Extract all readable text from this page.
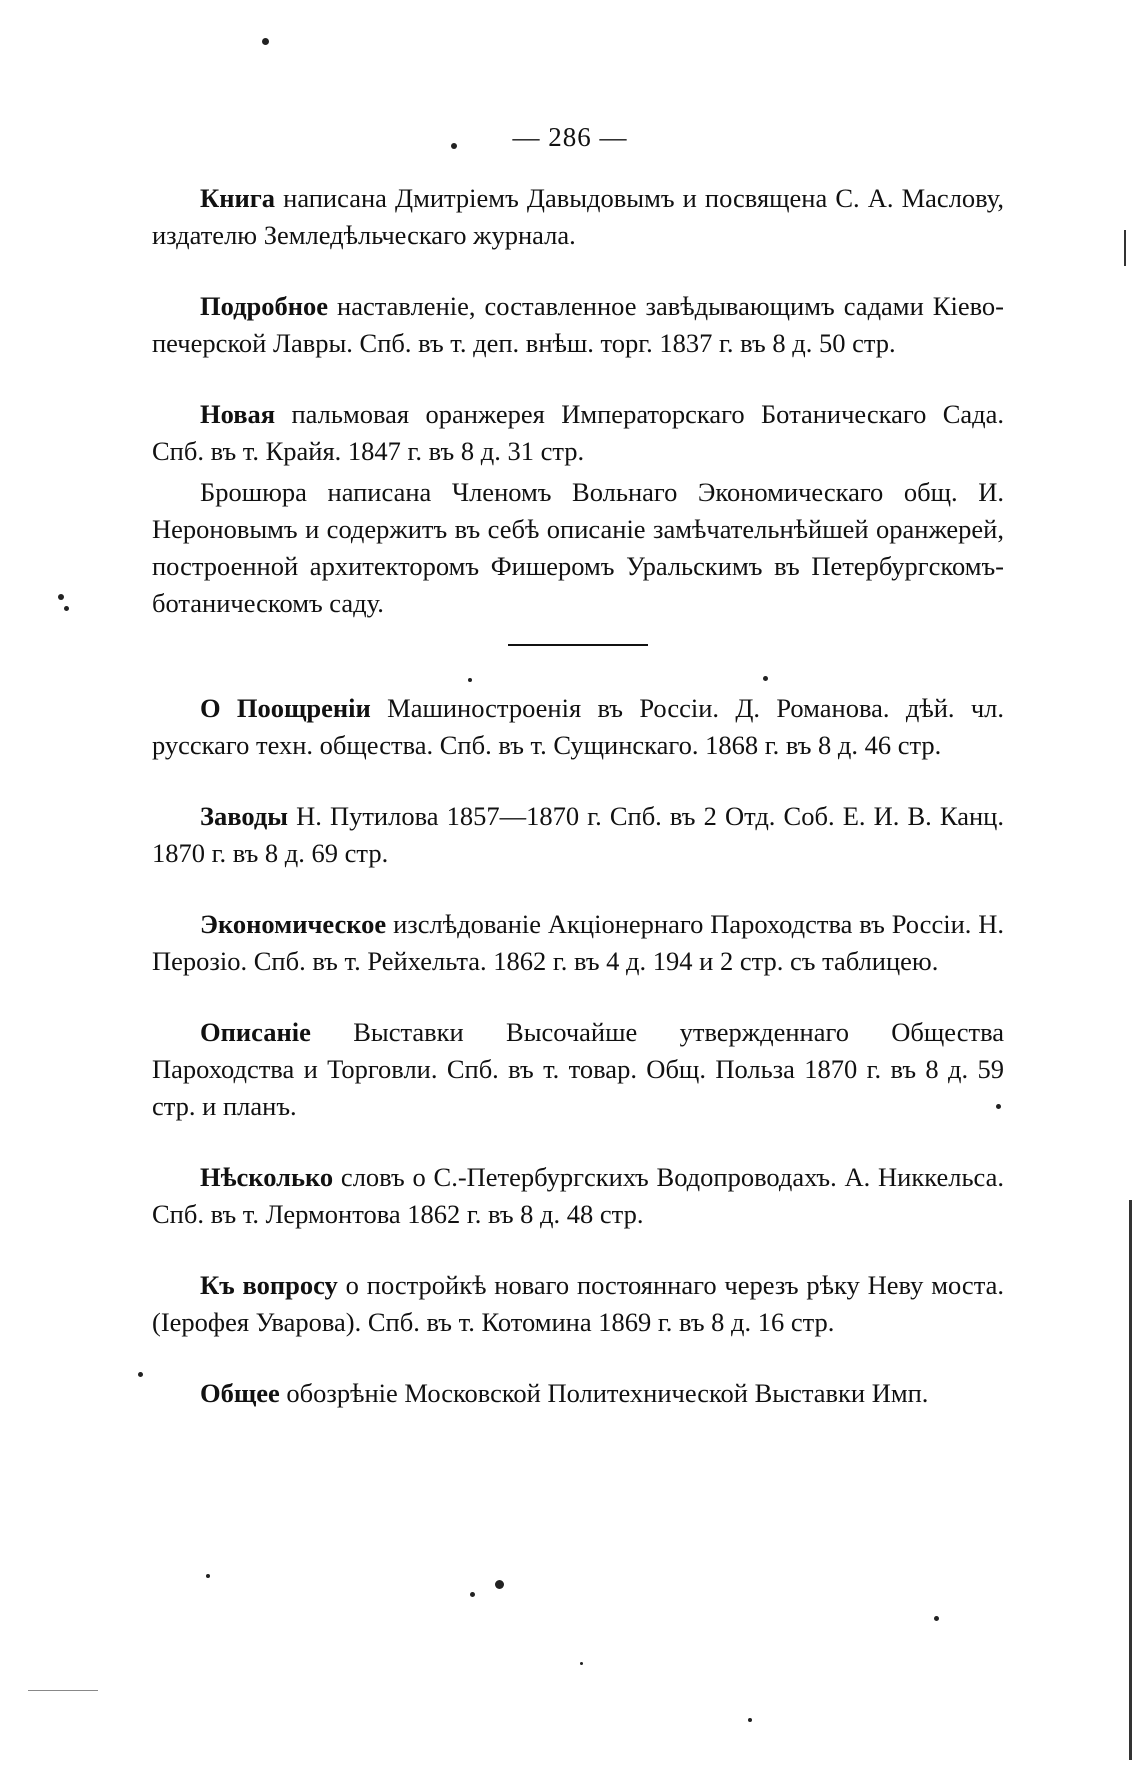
— 286 —

Книга написана Дмитріемъ Давыдовымъ и посвящена С. А. Маслову, издателю Земледѣльческаго журнала.

Подробное наставленіе, составленное завѣдывающимъ садами Кіево-печерской Лавры. Спб. въ т. деп. внѣш. торг. 1837 г. въ 8 д. 50 стр.

Новая пальмовая оранжерея Императорскаго Ботаническаго Сада. Спб. въ т. Крайя. 1847 г. въ 8 д. 31 стр.

Брошюра написана Членомъ Вольнаго Экономическаго общ. И. Нероновымъ и содержитъ въ себѣ описаніе замѣчательнѣйшей оранжерей, построенной архитекторомъ Фишеромъ Уральскимъ въ Петербургскомъ-ботаническомъ саду.

О Поощреніи Машиностроенія въ Россіи. Д. Романова. дѣй. чл. русскаго техн. общества. Спб. въ т. Сущинскаго. 1868 г. въ 8 д. 46 стр.

Заводы Н. Путилова 1857—1870 г. Спб. въ 2 Отд. Соб. Е. И. В. Канц. 1870 г. въ 8 д. 69 стр.

Экономическое изслѣдованіе Акціонернаго Пароходства въ Россіи. Н. Перозіо. Спб. въ т. Рейхельта. 1862 г. въ 4 д. 194 и 2 стр. съ таблицею.

Описаніе Выставки Высочайше утвержденнаго Общества Пароходства и Торговли. Спб. въ т. товар. Общ. Польза 1870 г. въ 8 д. 59 стр. и планъ.

Нѣсколько словъ о С.-Петербургскихъ Водопроводахъ. А. Никкельса. Спб. въ т. Лермонтова 1862 г. въ 8 д. 48 стр.

Къ вопросу о постройкѣ новаго постояннаго черезъ рѣку Неву моста. (Іерофея Уварова). Спб. въ т. Котомина 1869 г. въ 8 д. 16 стр.

Общее обозрѣніе Московской Политехнической Выставки Имп.
